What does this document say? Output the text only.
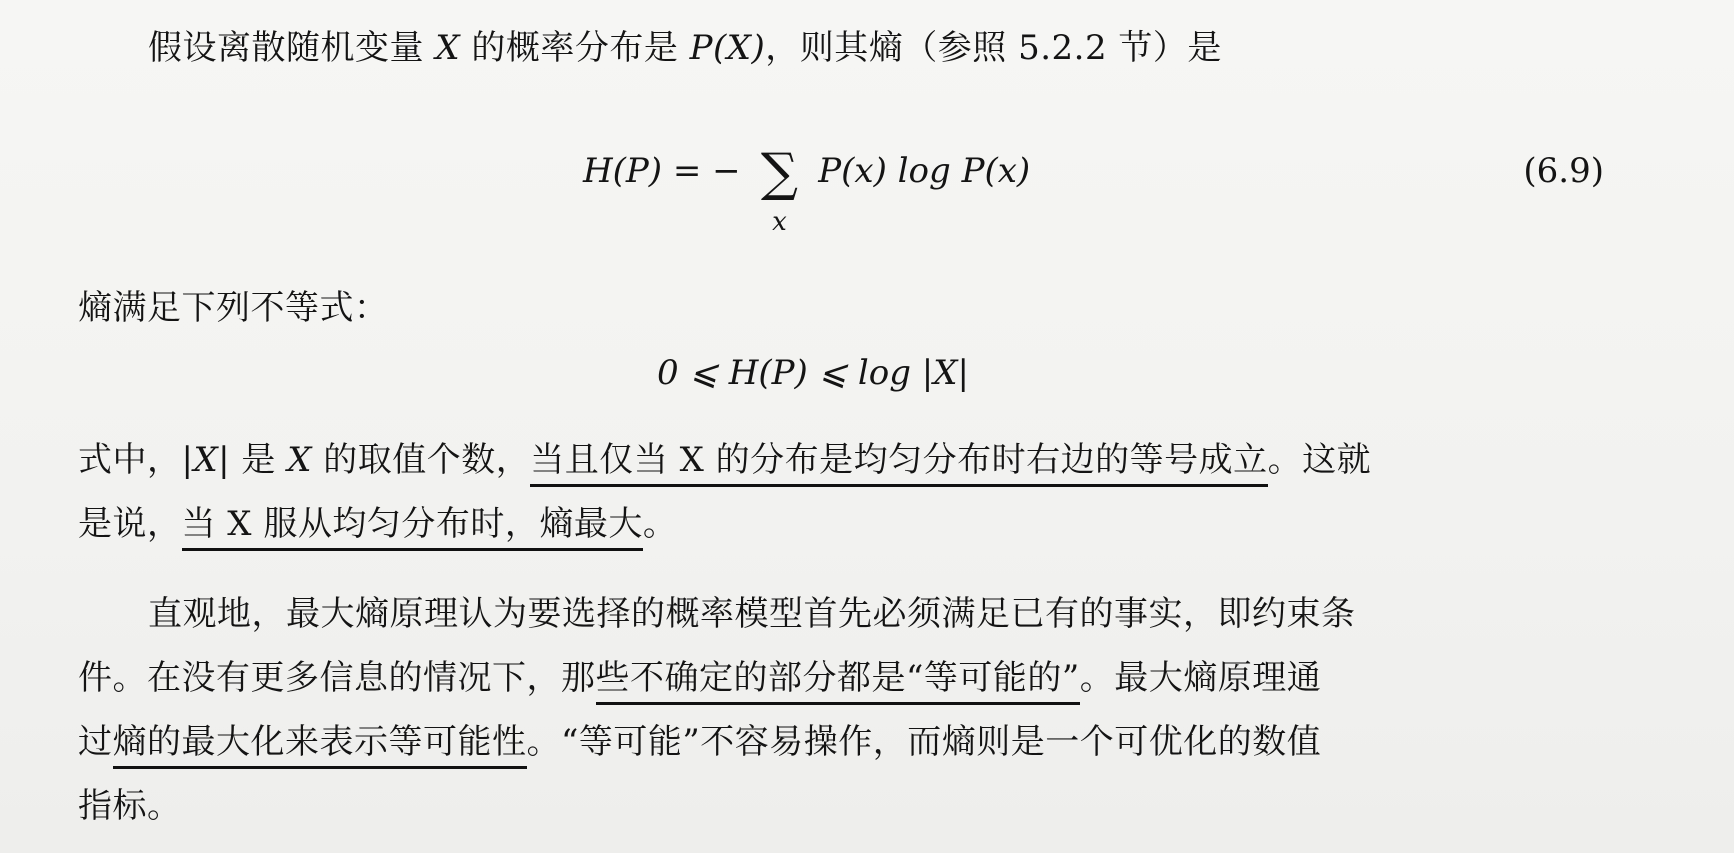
假设离散随机变量 X 的概率分布是 P(X)，则其熵（参照 5.2.2 节）是
H(P) = − ∑
x
P(x) log P(x)	(6.9)
熵满足下列不等式：
0 ⩽ H(P) ⩽ log |X|
式中，|X| 是 X 的取值个数，当且仅当 X 的分布是均匀分布时右边的等号成立。这就
是说，当 X 服从均匀分布时，熵最大。
直观地，最大熵原理认为要选择的概率模型首先必须满足已有的事实，即约束条
件。在没有更多信息的情况下，那些不确定的部分都是“等可能的”。最大熵原理通
过熵的最大化来表示等可能性。“等可能”不容易操作，而熵则是一个可优化的数值
指标。
